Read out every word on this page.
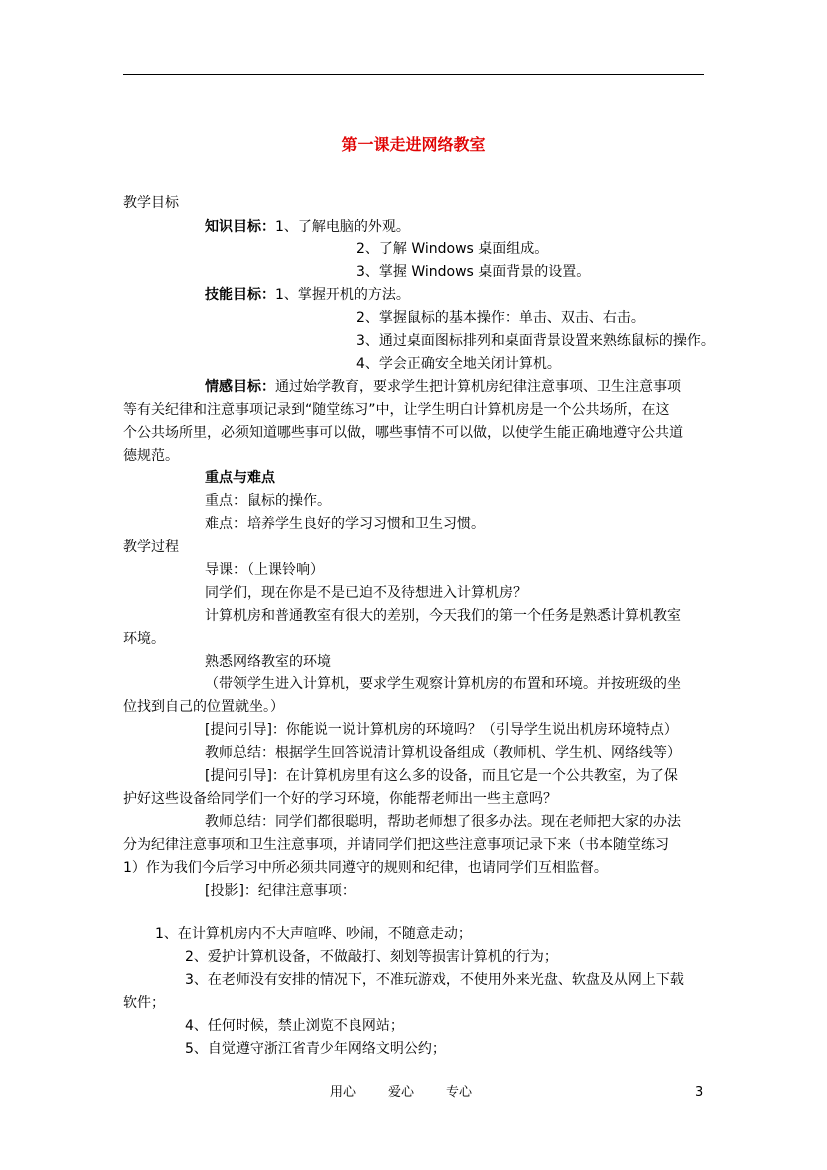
第一课走进网络教室
教学目标
知识目标：1、了解电脑的外观。
2、了解 Windows 桌面组成。
3、掌握 Windows 桌面背景的设置。
技能目标：1、掌握开机的方法。
2、掌握鼠标的基本操作：单击、双击、右击。
3、通过桌面图标排列和桌面背景设置来熟练鼠标的操作。
4、学会正确安全地关闭计算机。
情感目标：通过始学教育，要求学生把计算机房纪律注意事项、卫生注意事项
等有关纪律和注意事项记录到“随堂练习”中，让学生明白计算机房是一个公共场所，在这
个公共场所里，必须知道哪些事可以做，哪些事情不可以做，以使学生能正确地遵守公共道
德规范。
重点与难点
重点：鼠标的操作。
难点：培养学生良好的学习习惯和卫生习惯。
教学过程
导课：（上课铃响）
同学们，现在你是不是已迫不及待想进入计算机房？
计算机房和普通教室有很大的差别，今天我们的第一个任务是熟悉计算机教室
环境。
熟悉网络教室的环境
（带领学生进入计算机，要求学生观察计算机房的布置和环境。并按班级的坐
位找到自己的位置就坐。）
[提问引导]：你能说一说计算机房的环境吗？（引导学生说出机房环境特点）
教师总结：根据学生回答说清计算机设备组成（教师机、学生机、网络线等）
[提问引导]：在计算机房里有这么多的设备，而且它是一个公共教室，为了保
护好这些设备给同学们一个好的学习环境，你能帮老师出一些主意吗？
教师总结：同学们都很聪明，帮助老师想了很多办法。现在老师把大家的办法
分为纪律注意事项和卫生注意事项，并请同学们把这些注意事项记录下来（书本随堂练习
1）作为我们今后学习中所必须共同遵守的规则和纪律，也请同学们互相监督。
[投影]：纪律注意事项：
1、在计算机房内不大声喧哗、吵闹，不随意走动；
2、爱护计算机设备，不做敲打、刻划等损害计算机的行为；
3、在老师没有安排的情况下，不准玩游戏，不使用外来光盘、软盘及从网上下载
软件；
4、任何时候，禁止浏览不良网站；
5、自觉遵守浙江省青少年网络文明公约；
用心 爱心 专心	3
